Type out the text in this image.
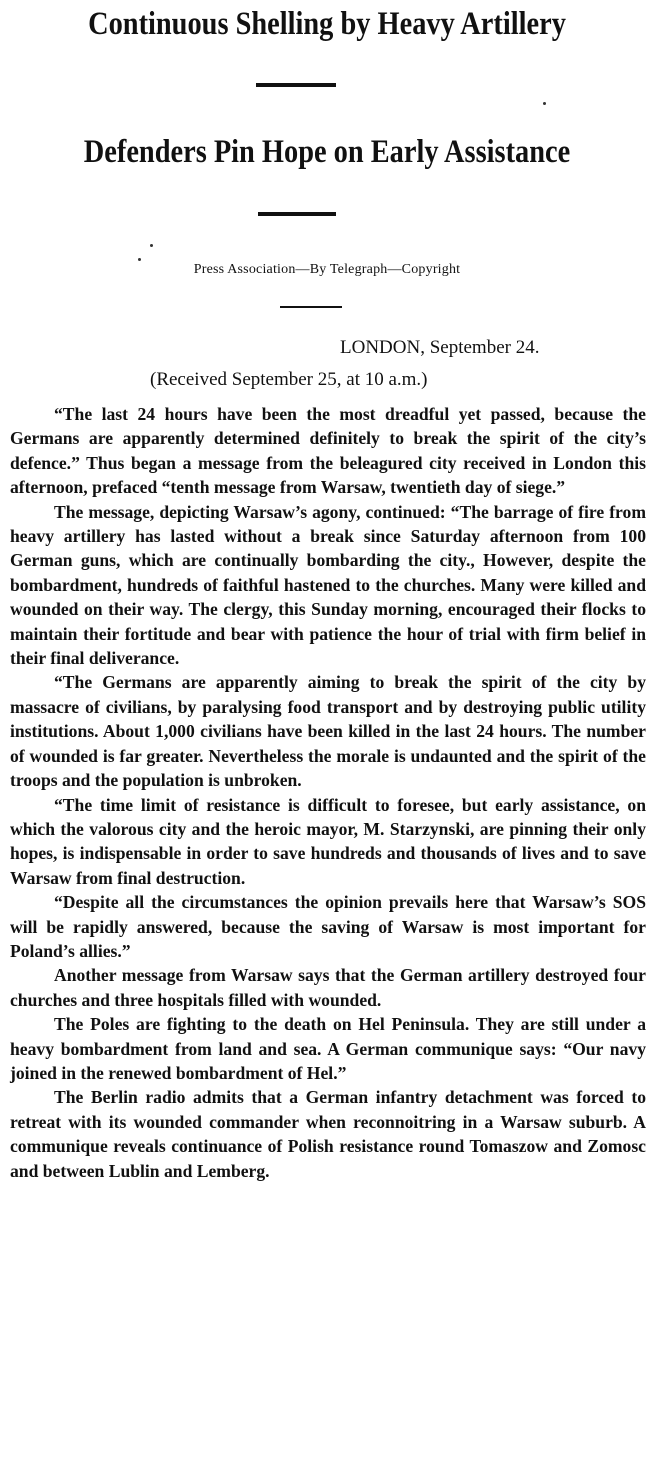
Continuous Shelling by Heavy Artillery
Defenders Pin Hope on Early Assistance
Press Association—By Telegraph—Copyright
LONDON, September 24.
(Received September 25, at 10 a.m.)

“The last 24 hours have been the most dreadful yet passed, because the Germans are apparently determined definitely to break the spirit of the city’s defence.” Thus began a message from the beleagured city received in London this afternoon, prefaced “tenth message from Warsaw, twentieth day of siege.”

The message, depicting Warsaw’s agony, continued: “The barrage of fire from heavy artillery has lasted without a break since Saturday afternoon from 100 German guns, which are continually bombarding the city., However, despite the bombardment, hundreds of faithful hastened to the churches. Many were killed and wounded on their way. The clergy, this Sunday morning, encouraged their flocks to maintain their fortitude and bear with patience the hour of trial with firm belief in their final deliverance.

“The Germans are apparently aiming to break the spirit of the city by massacre of civilians, by paralysing food transport and by destroying public utility institutions. About 1,000 civilians have been killed in the last 24 hours. The number of wounded is far greater. Nevertheless the morale is undaunted and the spirit of the troops and the population is unbroken.

“The time limit of resistance is difficult to foresee, but early assistance, on which the valorous city and the heroic mayor, M. Starzynski, are pinning their only hopes, is indispensable in order to save hundreds and thousands of lives and to save Warsaw from final destruction.

“Despite all the circumstances the opinion prevails here that Warsaw’s SOS will be rapidly answered, because the saving of Warsaw is most important for Poland’s allies.”

Another message from Warsaw says that the German artillery destroyed four churches and three hospitals filled with wounded.

The Poles are fighting to the death on Hel Peninsula. They are still under a heavy bombardment from land and sea. A German communique says: “Our navy joined in the renewed bombardment of Hel.”

The Berlin radio admits that a German infantry detachment was forced to retreat with its wounded commander when reconnoitring in a Warsaw suburb. A communique reveals continuance of Polish resistance round Tomaszow and Zomosc and between Lublin and Lemberg.
